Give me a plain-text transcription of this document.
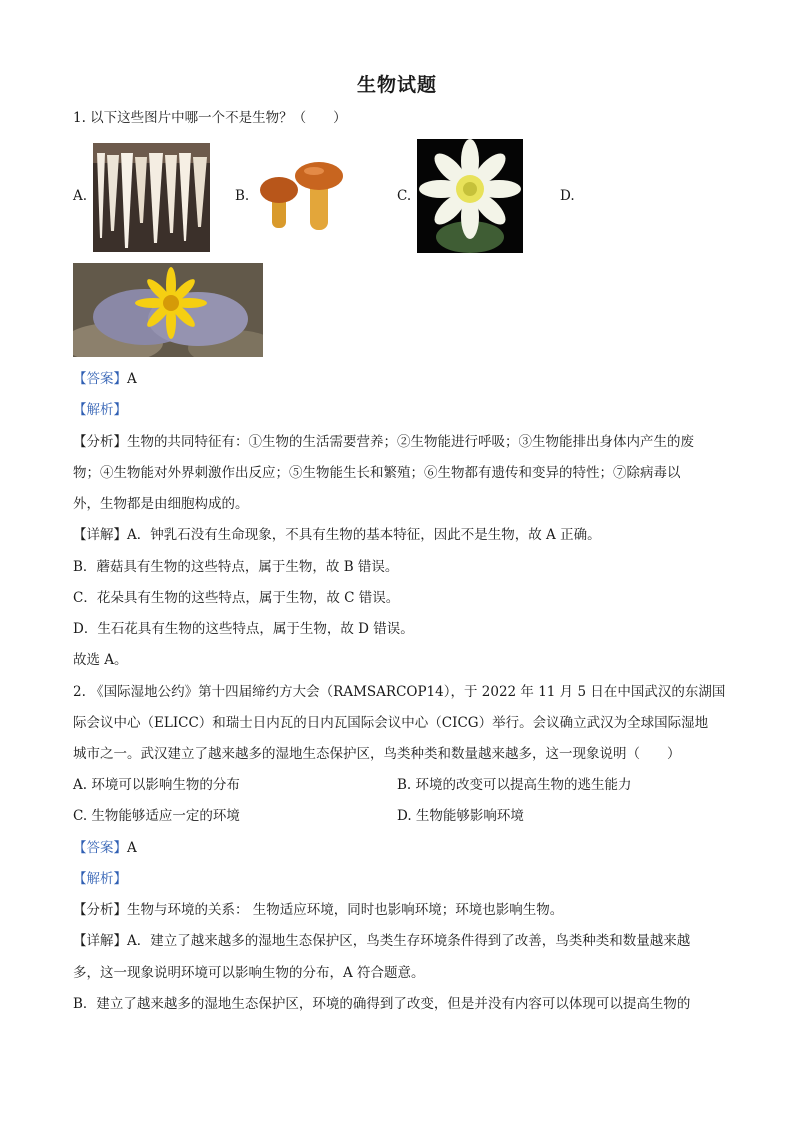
生物试题
1. 以下这些图片中哪一个不是生物？（　　）
A.	B.	C.	D.
【答案】A
【解析】
【分析】生物的共同特征有：①生物的生活需要营养；②生物能进行呼吸；③生物能排出身体内产生的废
物；④生物能对外界刺激作出反应；⑤生物能生长和繁殖；⑥生物都有遗传和变异的特性；⑦除病毒以
外，生物都是由细胞构成的。
【详解】A．钟乳石没有生命现象，不具有生物的基本特征，因此不是生物，故 A 正确。
B．蘑菇具有生物的这些特点，属于生物，故 B 错误。
C．花朵具有生物的这些特点，属于生物，故 C 错误。
D．生石花具有生物的这些特点，属于生物，故 D 错误。
故选 A。
2. 《国际湿地公约》第十四届缔约方大会（RAMSARCOP14），于 2022 年 11 月 5 日在中国武汉的东湖国
际会议中心（ELICC）和瑞士日内瓦的日内瓦国际会议中心（CICG）举行。会议确立武汉为全球国际湿地
城市之一。武汉建立了越来越多的湿地生态保护区，鸟类种类和数量越来越多，这一现象说明（　　）
A. 环境可以影响生物的分布	B. 环境的改变可以提高生物的逃生能力
C. 生物能够适应一定的环境	D. 生物能够影响环境
【答案】A
【解析】
【分析】生物与环境的关系： 生物适应环境，同时也影响环境；环境也影响生物。
【详解】A．建立了越来越多的湿地生态保护区，鸟类生存环境条件得到了改善，鸟类种类和数量越来越
多，这一现象说明环境可以影响生物的分布，A 符合题意。
B．建立了越来越多的湿地生态保护区，环境的确得到了改变，但是并没有内容可以体现可以提高生物的
